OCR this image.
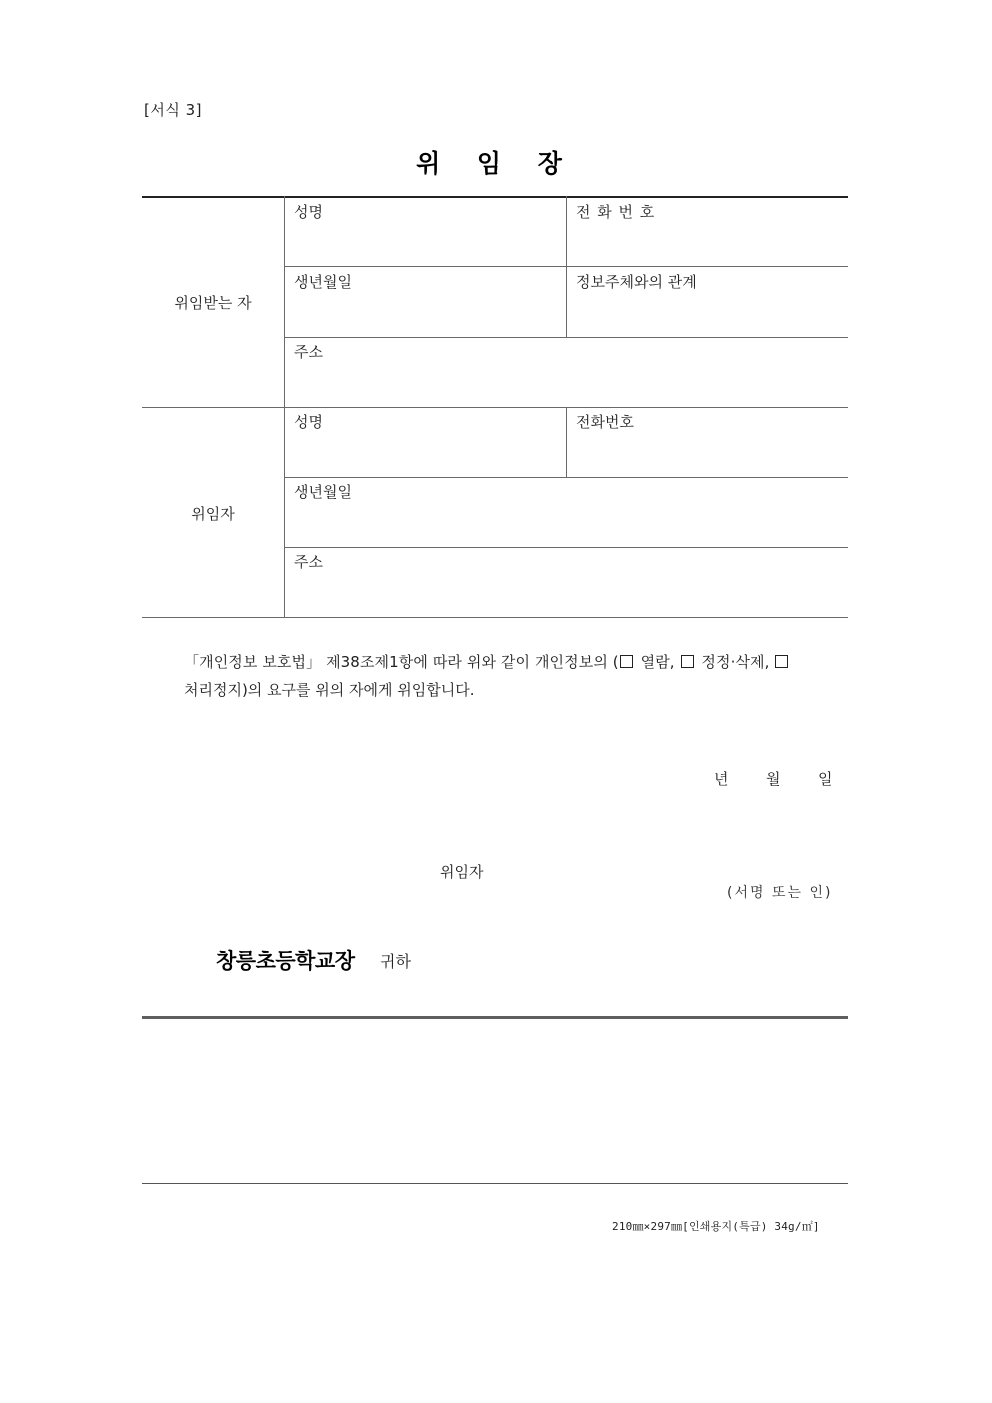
[서식 3]
위 임 장
위임받는 자
성명	전 화 번 호
생년월일	정보주체와의 관계
주소
위임자
성명	전화번호
생년월일
주소
「개인정보 보호법」 제38조제1항에 따라 위와 같이 개인정보의 ( 열람, 정정·삭제,
처리정지)의 요구를 위의 자에게 위임합니다.
년	월	일
위임자
(서명 또는 인)
창릉초등학교장 귀하
210㎜×297㎜[인쇄용지(특급) 34g/㎡]
